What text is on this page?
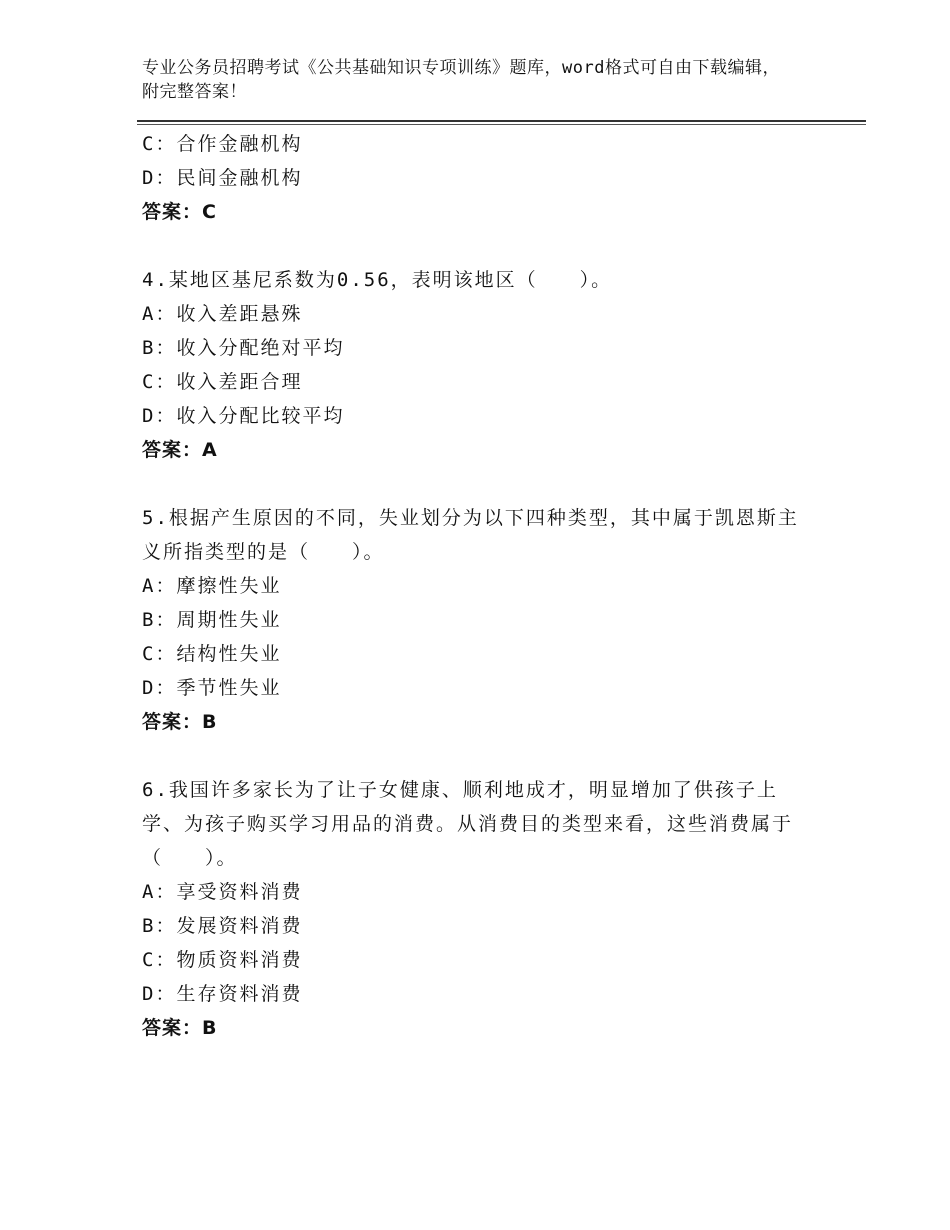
专业公务员招聘考试《公共基础知识专项训练》题库，word格式可自由下载编辑，附完整答案！
C：合作金融机构
D：民间金融机构
答案：C
4.某地区基尼系数为0.56，表明该地区（　　）。
A：收入差距悬殊
B：收入分配绝对平均
C：收入差距合理
D：收入分配比较平均
答案：A
5.根据产生原因的不同，失业划分为以下四种类型，其中属于凯恩斯主义所指类型的是（　　）。
A：摩擦性失业
B：周期性失业
C：结构性失业
D：季节性失业
答案：B
6.我国许多家长为了让子女健康、顺利地成才，明显增加了供孩子上学、为孩子购买学习用品的消费。从消费目的类型来看，这些消费属于（　　）。
A：享受资料消费
B：发展资料消费
C：物质资料消费
D：生存资料消费
答案：B
